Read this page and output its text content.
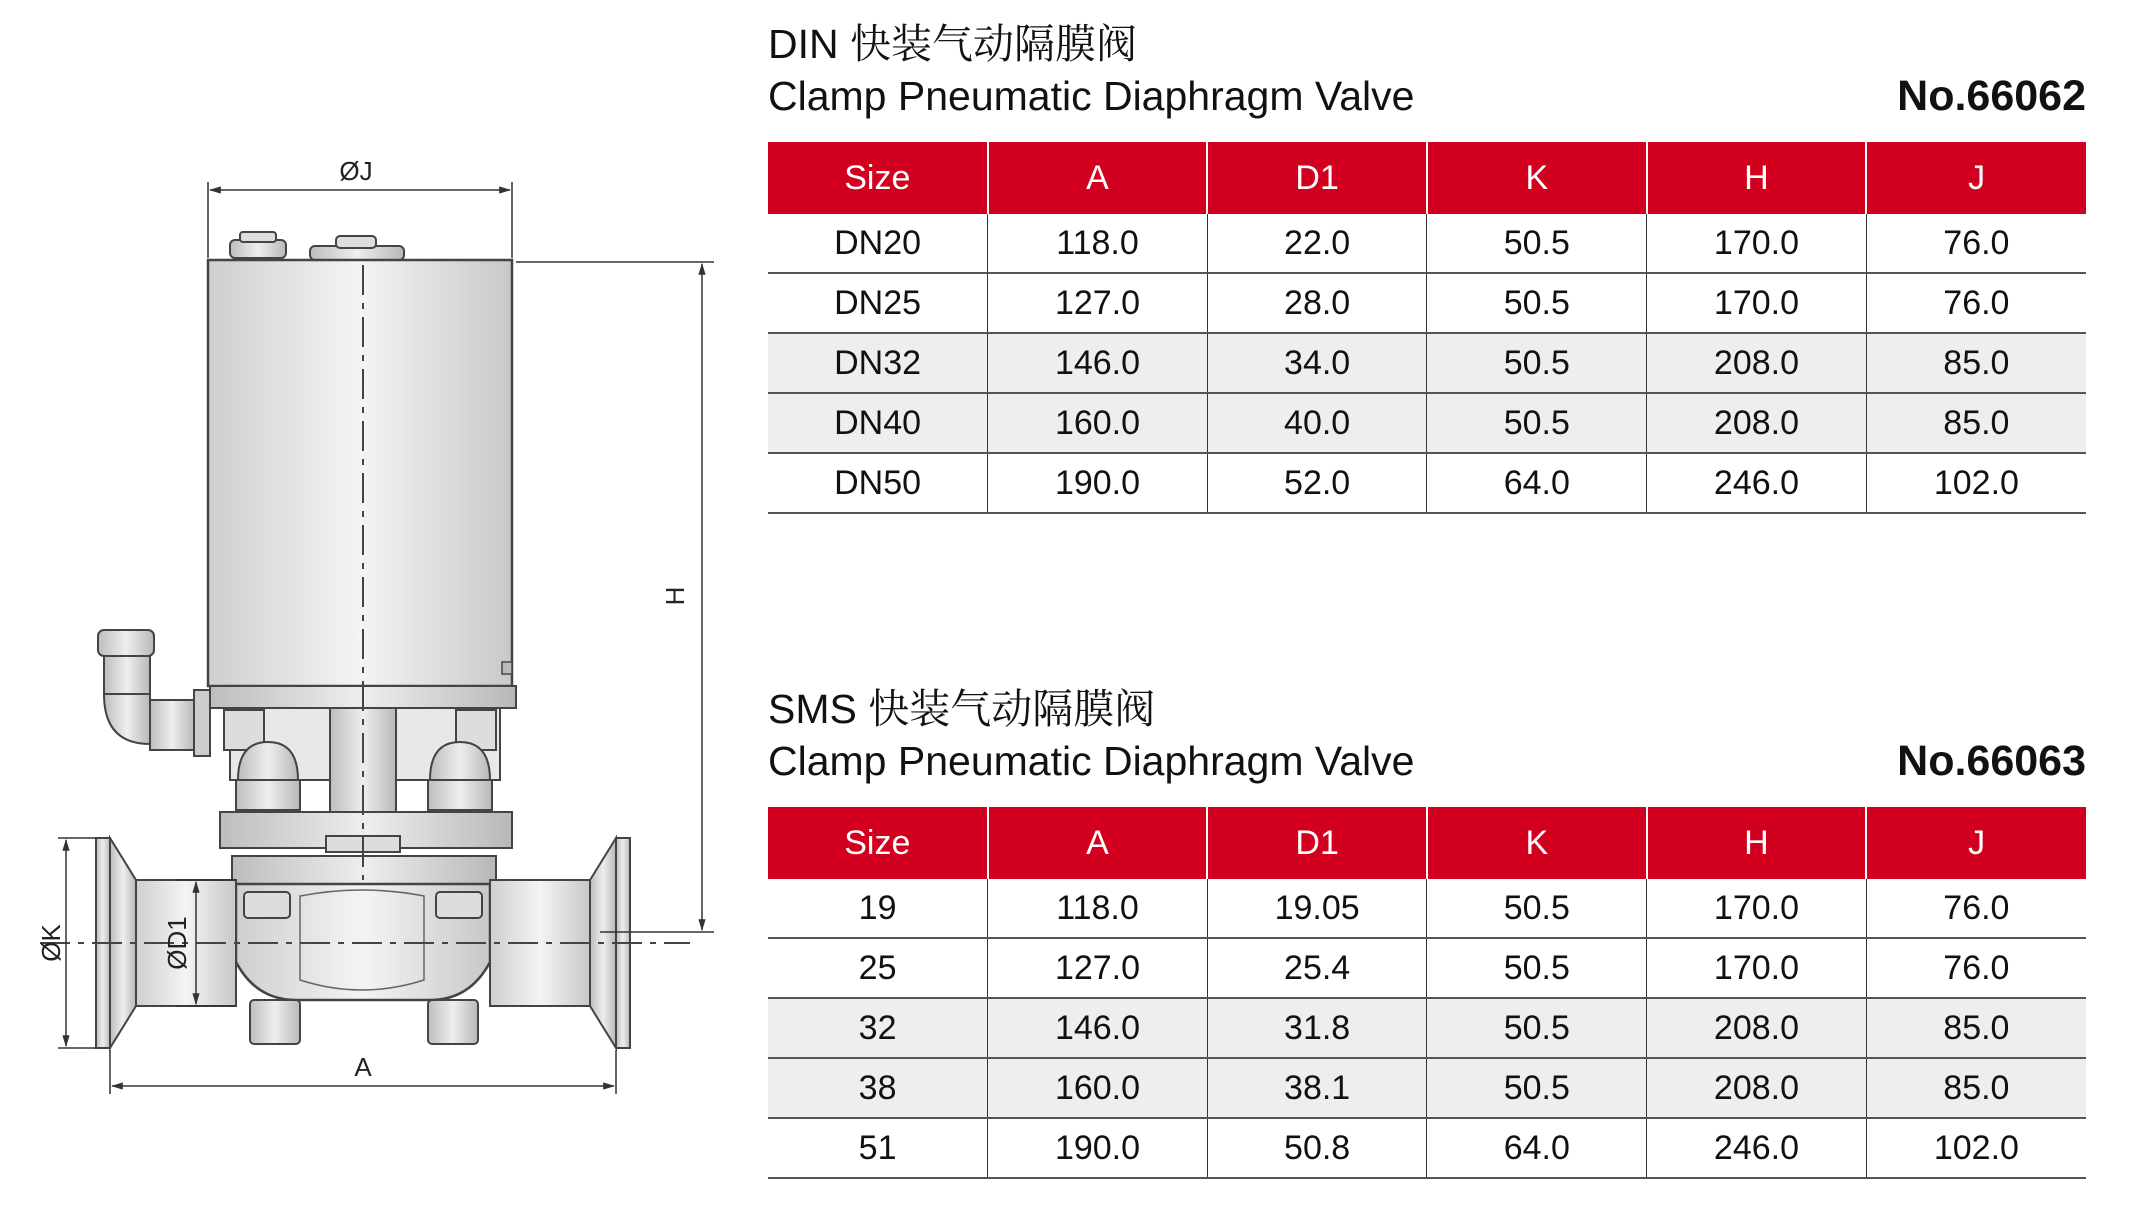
ØJ
H
ØK	ØD1
A
DIN 快装气动隔膜阀
Clamp Pneumatic Diaphragm Valve	No.66062
Size	A	D1	K	H	J
DN20	118.0	22.0	50.5	170.0	76.0
DN25	127.0	28.0	50.5	170.0	76.0
DN32	146.0	34.0	50.5	208.0	85.0
DN40	160.0	40.0	50.5	208.0	85.0
DN50	190.0	52.0	64.0	246.0	102.0
SMS 快装气动隔膜阀
Clamp Pneumatic Diaphragm Valve	No.66063
Size	A	D1	K	H	J
19	118.0	19.05	50.5	170.0	76.0
25	127.0	25.4	50.5	170.0	76.0
32	146.0	31.8	50.5	208.0	85.0
38	160.0	38.1	50.5	208.0	85.0
51	190.0	50.8	64.0	246.0	102.0
